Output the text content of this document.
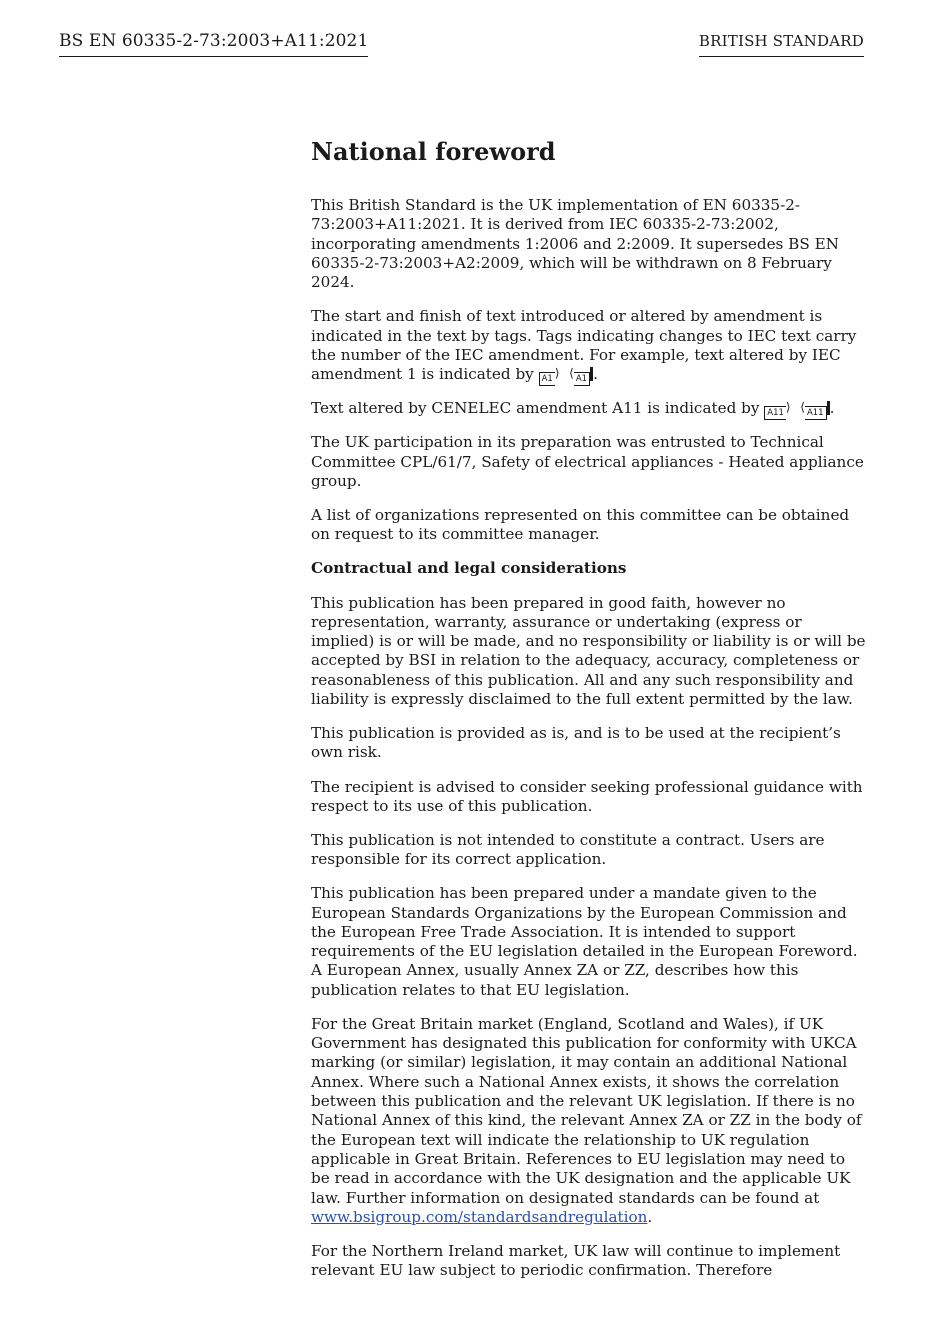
BS EN 60335-2-73:2003+A11:2021	BRITISH STANDARD
National foreword

This British Standard is the UK implementation of EN 60335-2-73:2003+A11:2021. It is derived from IEC 60335-2-73:2002, incorporating amendments 1:2006 and 2:2009. It supersedes BS EN 60335-2-73:2003+A2:2009, which will be withdrawn on 8 February 2024.

The start and finish of text introduced or altered by amendment is indicated in the text by tags. Tags indicating changes to IEC text carry the number of the IEC amendment. For example, text altered by IEC amendment 1 is indicated by A1 ⟩ ⟨ A1 .

Text altered by CENELEC amendment A11 is indicated by A11 ⟩ ⟨ A11 .

The UK participation in its preparation was entrusted to Technical Committee CPL/61/7, Safety of electrical appliances - Heated appliance group.

A list of organizations represented on this committee can be obtained on request to its committee manager.

Contractual and legal considerations

This publication has been prepared in good faith, however no representation, warranty, assurance or undertaking (express or implied) is or will be made, and no responsibility or liability is or will be accepted by BSI in relation to the adequacy, accuracy, completeness or reasonableness of this publication. All and any such responsibility and liability is expressly disclaimed to the full extent permitted by the law.

This publication is provided as is, and is to be used at the recipient’s own risk.

The recipient is advised to consider seeking professional guidance with respect to its use of this publication.

This publication is not intended to constitute a contract. Users are responsible for its correct application.

This publication has been prepared under a mandate given to the European Standards Organizations by the European Commission and the European Free Trade Association. It is intended to support requirements of the EU legislation detailed in the European Foreword. A European Annex, usually Annex ZA or ZZ, describes how this publication relates to that EU legislation.

For the Great Britain market (England, Scotland and Wales), if UK Government has designated this publication for conformity with UKCA marking (or similar) legislation, it may contain an additional National Annex. Where such a National Annex exists, it shows the correlation between this publication and the relevant UK legislation. If there is no National Annex of this kind, the relevant Annex ZA or ZZ in the body of the European text will indicate the relationship to UK regulation applicable in Great Britain. References to EU legislation may need to be read in accordance with the UK designation and the applicable UK law. Further information on designated standards can be found at www.bsigroup.com/standardsandregulation.

For the Northern Ireland market, UK law will continue to implement relevant EU law subject to periodic confirmation. Therefore
